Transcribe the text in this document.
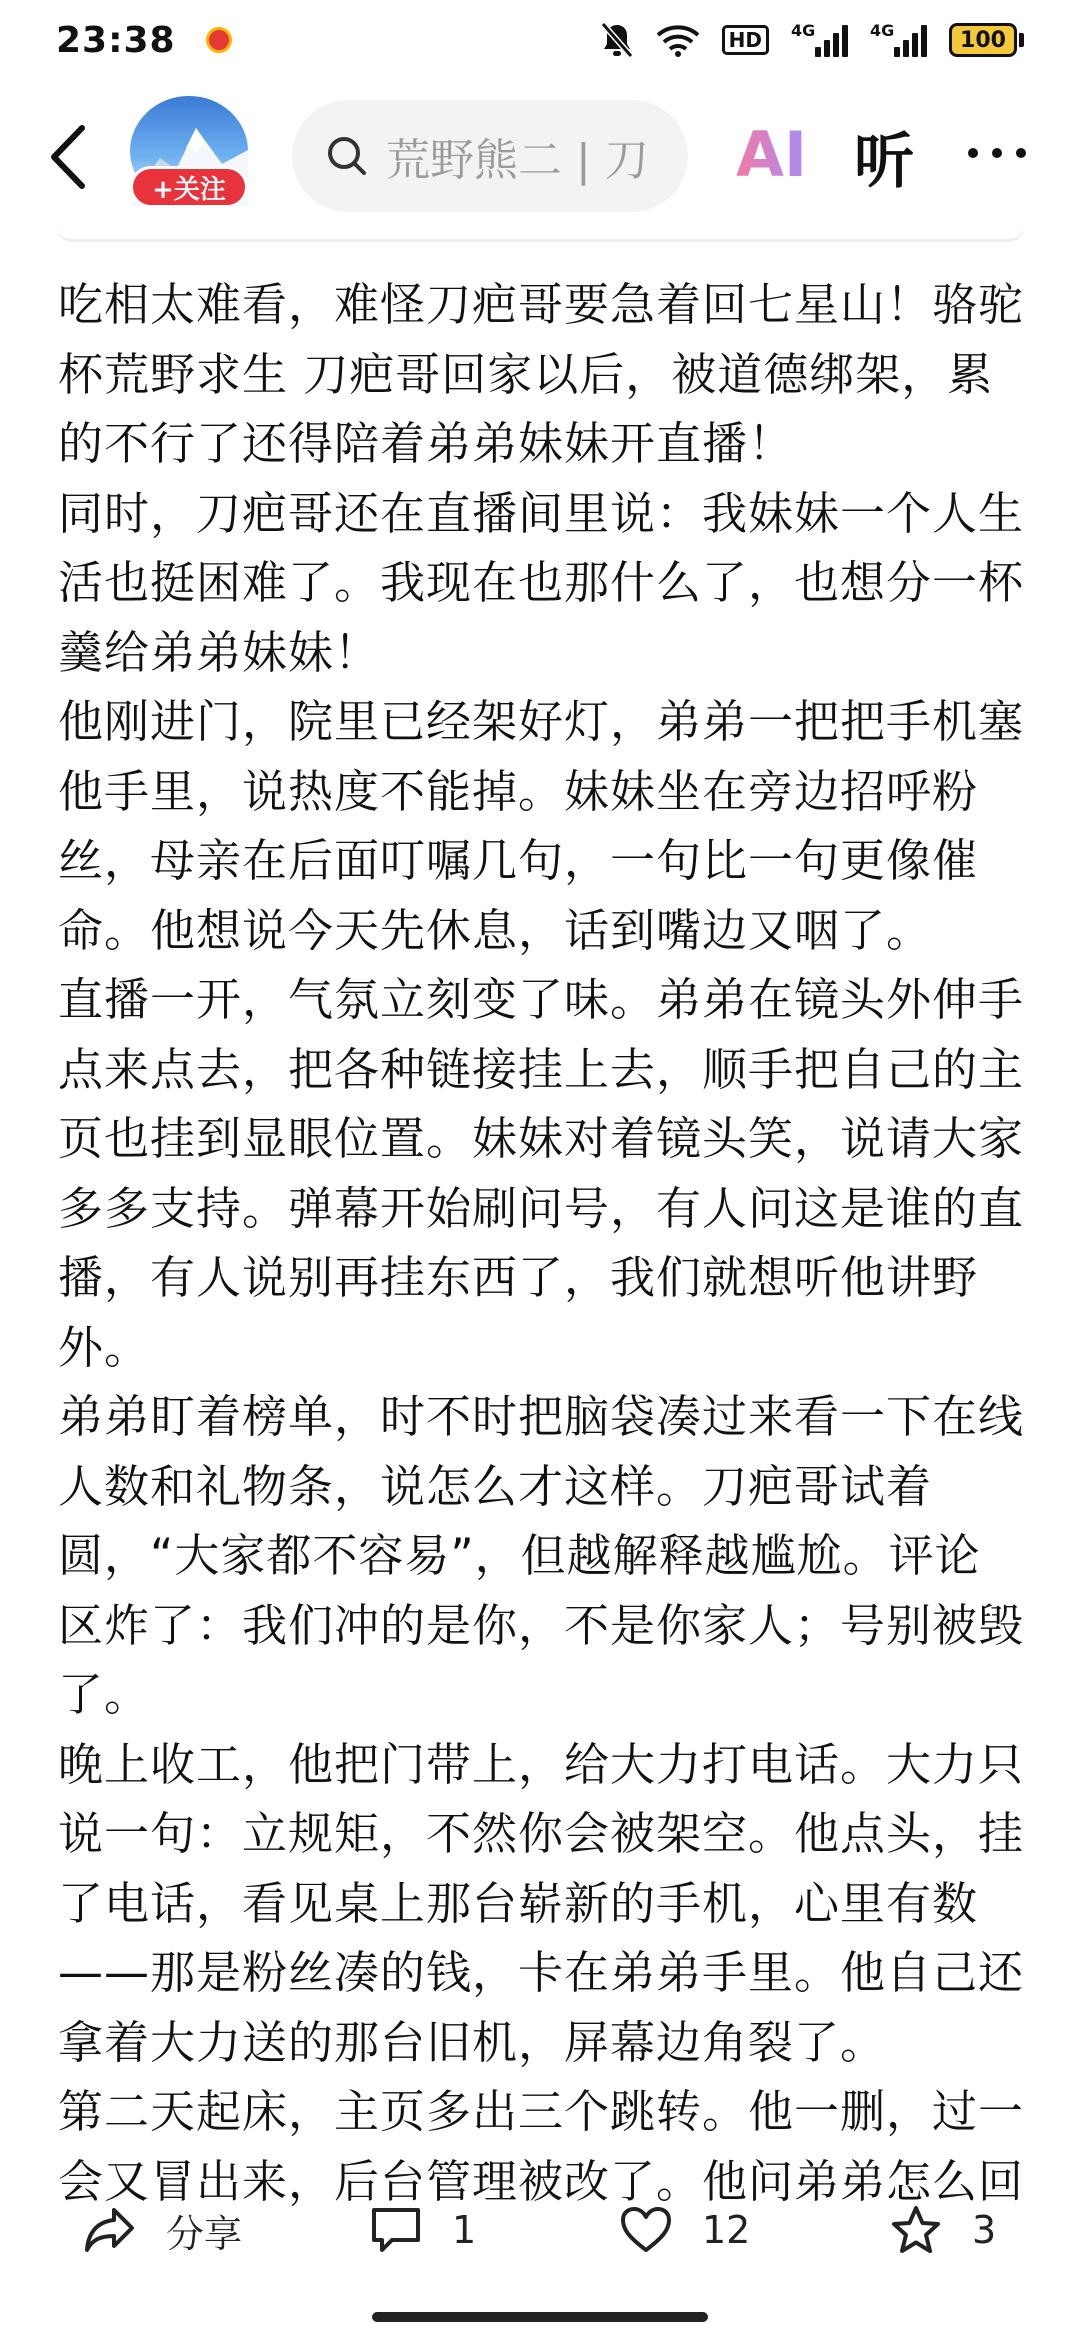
23:38	HD	4G	4G	100
+关注
荒野熊二 | 刀 AI 听

吃相太难看，难怪刀疤哥要急着回七星山！骆驼杯荒野求生 刀疤哥回家以后，被道德绑架，累的不行了还得陪着弟弟妹妹开直播！

同时，刀疤哥还在直播间里说：我妹妹一个人生活也挺困难了。我现在也那什么了，也想分一杯羹给弟弟妹妹！

他刚进门，院里已经架好灯，弟弟一把把手机塞他手里，说热度不能掉。妹妹坐在旁边招呼粉丝，母亲在后面叮嘱几句，一句比一句更像催命。他想说今天先休息，话到嘴边又咽了。

直播一开，气氛立刻变了味。弟弟在镜头外伸手点来点去，把各种链接挂上去，顺手把自己的主页也挂到显眼位置。妹妹对着镜头笑，说请大家多多支持。弹幕开始刷问号，有人问这是谁的直播，有人说别再挂东西了，我们就想听他讲野外。

弟弟盯着榜单，时不时把脑袋凑过来看一下在线人数和礼物条，说怎么才这样。刀疤哥试着圆，“大家都不容易”，但越解释越尴尬。评论区炸了：我们冲的是你，不是你家人；号别被毁了。

晚上收工，他把门带上，给大力打电话。大力只说一句：立规矩，不然你会被架空。他点头，挂了电话，看见桌上那台崭新的手机，心里有数——那是粉丝凑的钱，卡在弟弟手里。他自己还拿着大力送的那台旧机，屏幕边角裂了。

第二天起床，主页多出三个跳转。他一删，过一会又冒出来，后台管理被改了。他问弟弟怎么回

分享	1	12	3
